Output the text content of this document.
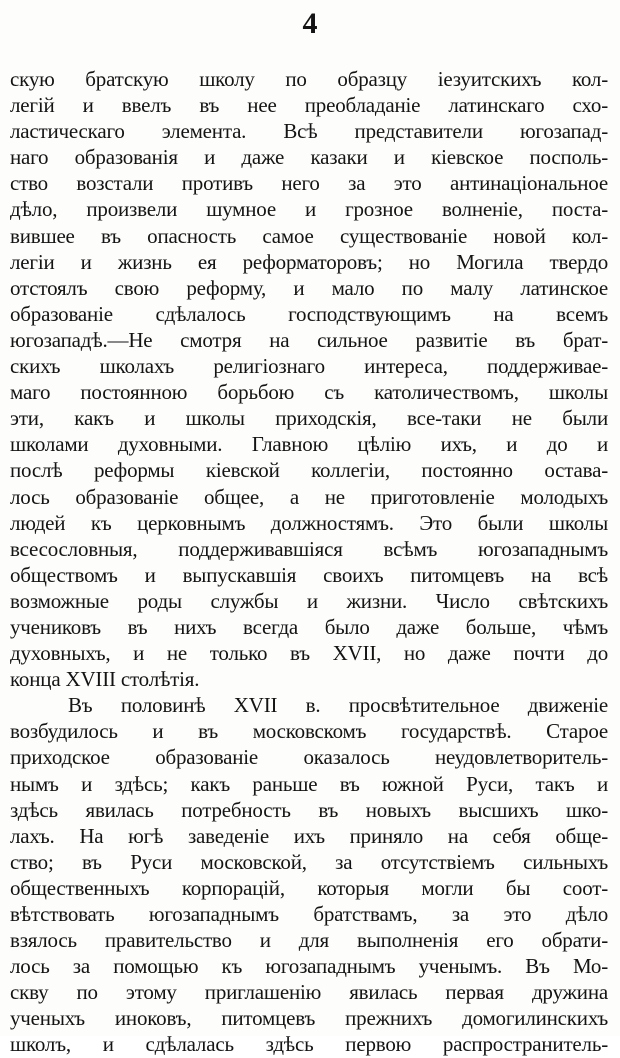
4
скую братскую школу по образцу іезуитскихъ кол-
легій и ввелъ въ нее преобладаніе латинскаго схо-
ластическаго элемента. Всѣ представители югозапад-
наго образованія и даже казаки и кіевское посполь-
ство возстали противъ него за это антинаціональное
дѣло, произвели шумное и грозное волненіе, поста-
вившее въ опасность самое существованіе новой кол-
легіи и жизнь ея реформаторовъ; но Могила твердо
отстоялъ свою реформу, и мало по малу латинское
образованіе сдѣлалось господствующимъ на всемъ
югозападѣ.—Не смотря на сильное развитіе въ брат-
скихъ школахъ религіознаго интереса, поддерживае-
маго постоянною борьбою съ католичествомъ, школы
эти, какъ и школы приходскія, все-таки не были
школами духовными. Главною цѣлію ихъ, и до и
послѣ реформы кіевской коллегіи, постоянно остава-
лось образованіе общее, а не приготовленіе молодыхъ
людей къ церковнымъ должностямъ. Это были школы
всесословныя, поддерживавшіяся всѣмъ югозападнымъ
обществомъ и выпускавшія своихъ питомцевъ на всѣ
возможные роды службы и жизни. Число свѣтскихъ
учениковъ въ нихъ всегда было даже больше, чѣмъ
духовныхъ, и не только въ XVII, но даже почти до
конца XVIII столѣтія.
Въ половинѣ XVII в. просвѣтительное движеніе
возбудилось и въ московскомъ государствѣ. Старое
приходское образованіе оказалось неудовлетворитель-
нымъ и здѣсь; какъ раньше въ южной Руси, такъ и
здѣсь явилась потребность въ новыхъ высшихъ шко-
лахъ. На югѣ заведеніе ихъ приняло на себя обще-
ство; въ Руси московской, за отсутствіемъ сильныхъ
общественныхъ корпорацій, которыя могли бы соот-
вѣтствовать югозападнымъ братствамъ, за это дѣло
взялось правительство и для выполненія его обрати-
лось за помощью къ югозападнымъ ученымъ. Въ Мо-
скву по этому приглашенію явилась первая дружина
ученыхъ иноковъ, питомцевъ прежнихъ домогилинскихъ
школъ, и сдѣлалась здѣсь первою распространитель-
